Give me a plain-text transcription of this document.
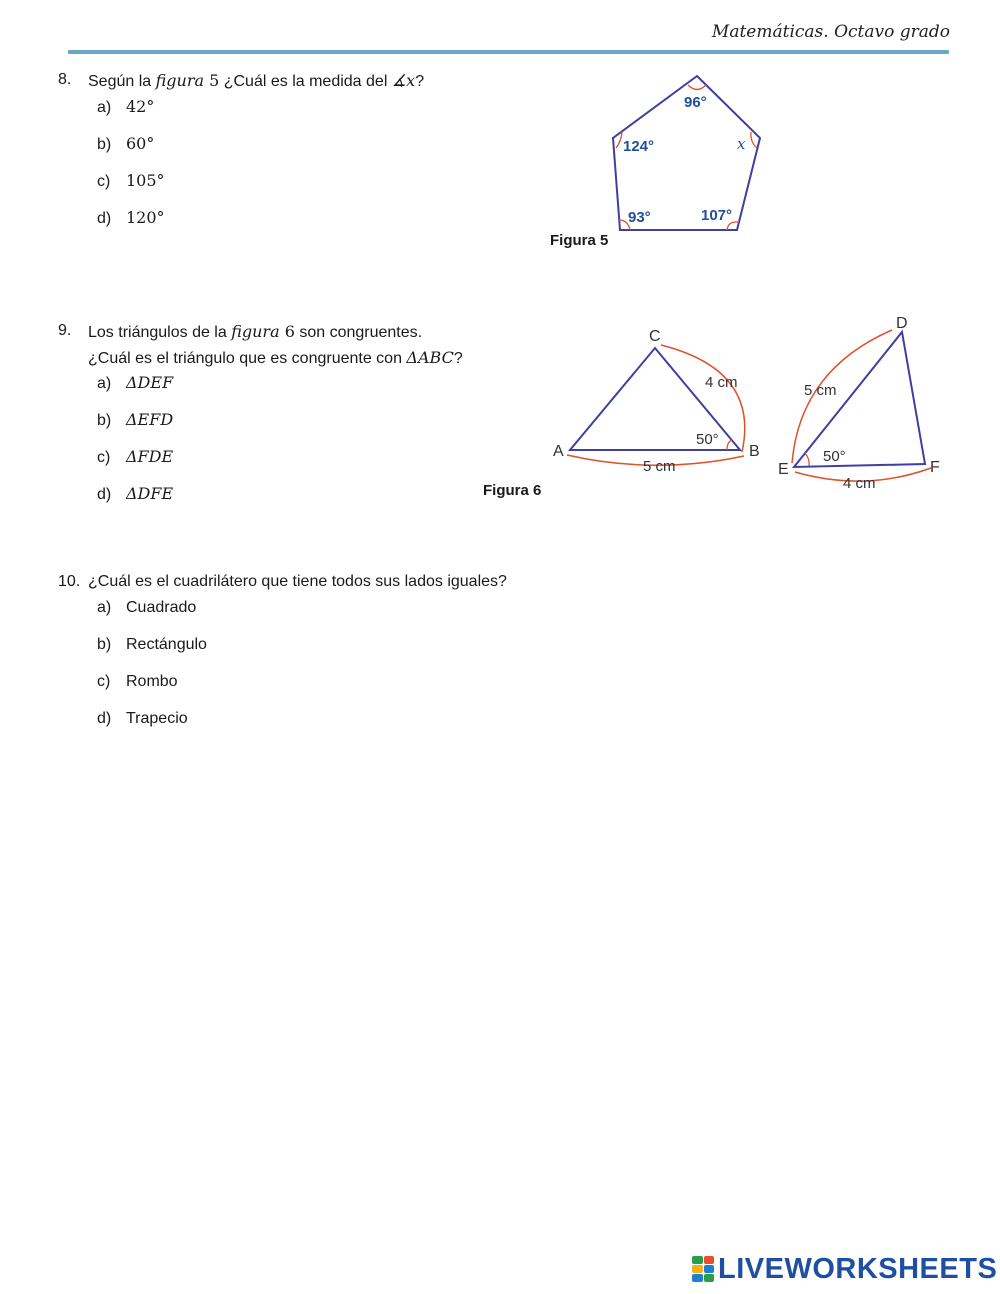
Matemáticas. Octavo grado
8.	Según la figura 5 ¿Cuál es la medida del ∡x?
a) 42°
b) 60°
c) 105°
d) 120°
96°
124°	x
93°	107°
Figura 5
9.	Los triángulos de la figura 6 son congruentes.
¿Cuál es el triángulo que es congruente con ΔABC?
a) ΔDEF
b) ΔEFD
c) ΔFDE
d) ΔDFE
A	B
C
4 cm
5 cm
50°
D
E	F
5 cm
4 cm
50°
Figura 6
10. ¿Cuál es el cuadrilátero que tiene todos sus lados iguales?
a) Cuadrado
b) Rectángulo
c) Rombo
d) Trapecio
LIVEWORKSHEETS
